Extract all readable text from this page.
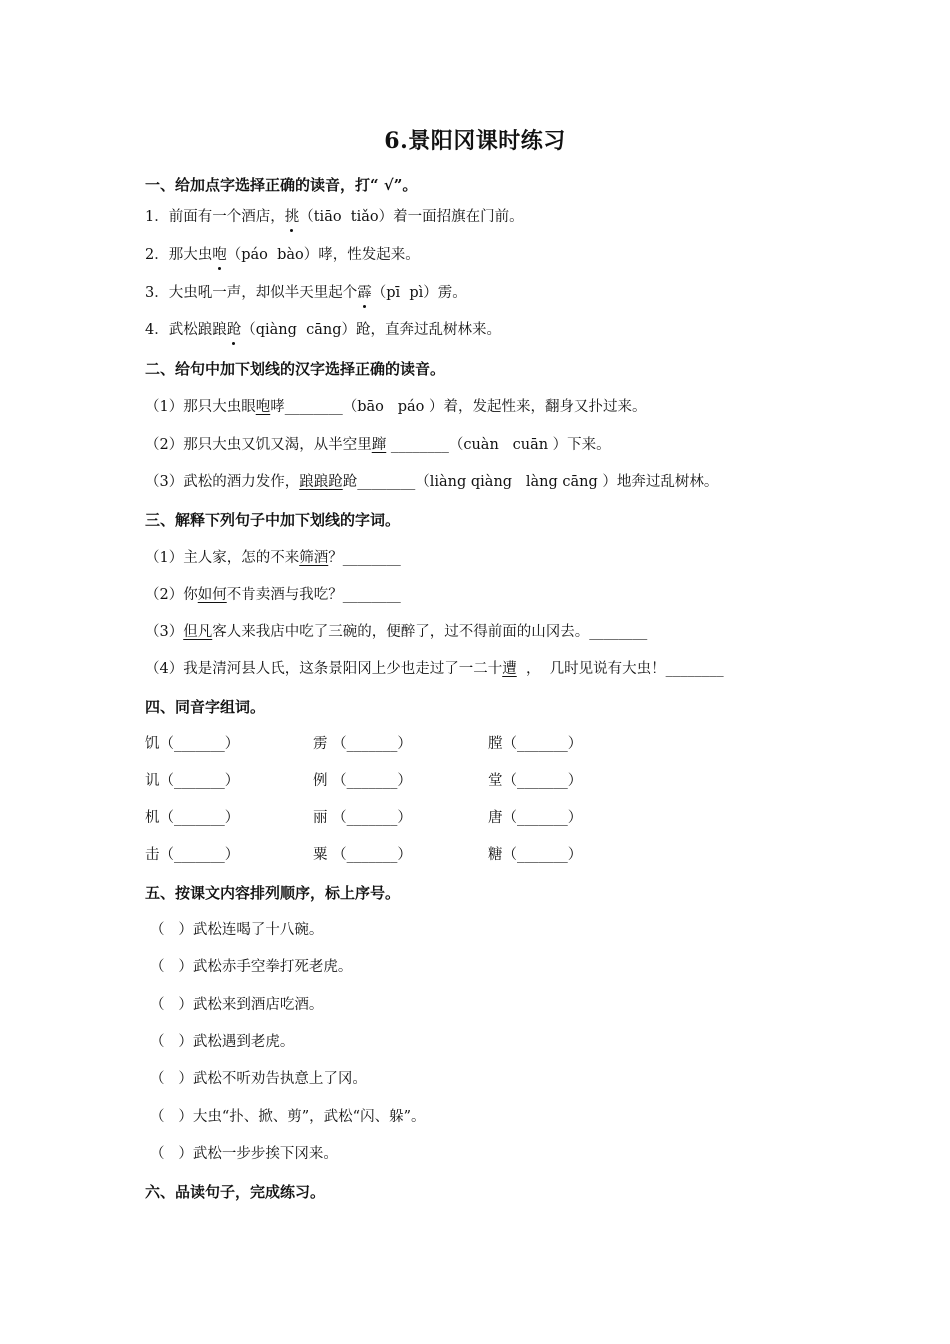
6.景阳冈课时练习
一、给加点字选择正确的读音，打“ √”。
1．前面有一个酒店，挑（tiāo  tiǎo）着一面招旗在门前。
2．那大虫咆（páo  bào）哮，性发起来。
3．大虫吼一声，却似半天里起个霹（pī  pì）雳。
4．武松踉踉跄（qiàng  cāng）跄，直奔过乱树林来。
二、给句中加下划线的汉字选择正确的读音。
（1）那只大虫眼咆哮________（bāo   páo ）着，发起性来，翻身又扑过来。
（2）那只大虫又饥又渴，从半空里蹿 ________（cuàn   cuān ）下来。
（3）武松的酒力发作，踉踉跄跄________（liàng qiàng   làng cāng ）地奔过乱树林。
三、解释下列句子中加下划线的字词。
（1）主人家，怎的不来筛酒？________
（2）你如何不肯卖酒与我吃？________
（3）但凡客人来我店中吃了三碗的，便醉了，过不得前面的山冈去。________
（4）我是清河县人氏，这条景阳冈上少也走过了一二十遭  ，  几时见说有大虫！________
四、同音字组词。
饥（_______）	雳 （_______）	膛（_______）
讥（_______）	例 （_______）	堂（_______）
机（_______）	丽 （_______）	唐（_______）
击（_______）	粟 （_______）	糖（_______）
五、按课文内容排列顺序，标上序号。
（   ）武松连喝了十八碗。
（   ）武松赤手空拳打死老虎。
（   ）武松来到酒店吃酒。
（   ）武松遇到老虎。
（   ）武松不听劝告执意上了冈。
（   ）大虫“扑、掀、剪”，武松“闪、躲”。
（   ）武松一步步挨下冈来。
六、品读句子，完成练习。
